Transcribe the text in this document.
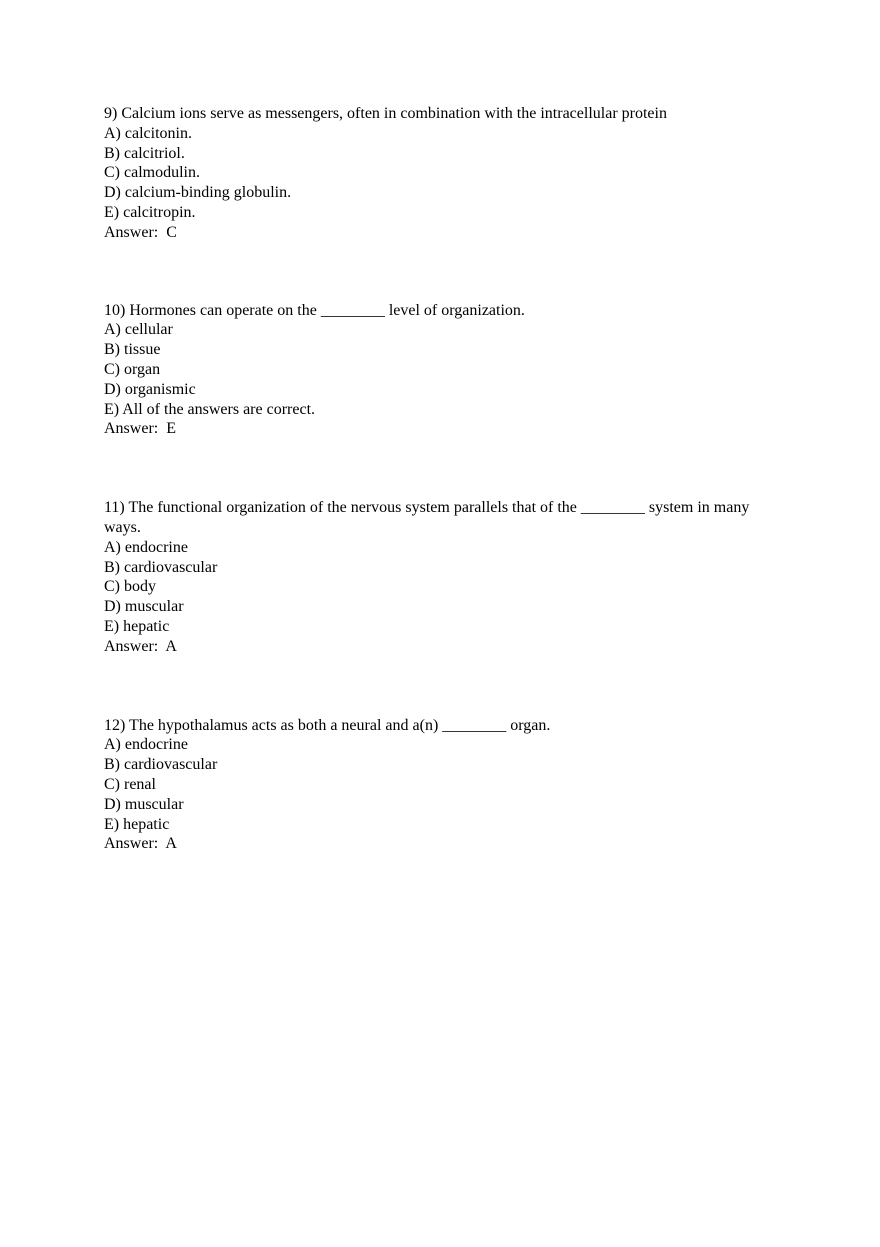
9) Calcium ions serve as messengers, often in combination with the intracellular protein
A) calcitonin.
B) calcitriol.
C) calmodulin.
D) calcium-binding globulin.
E) calcitropin.
Answer:  C
10) Hormones can operate on the ________ level of organization.
A) cellular
B) tissue
C) organ
D) organismic
E) All of the answers are correct.
Answer:  E
11) The functional organization of the nervous system parallels that of the ________ system in many ways.
A) endocrine
B) cardiovascular
C) body
D) muscular
E) hepatic
Answer:  A
12) The hypothalamus acts as both a neural and a(n) ________ organ.
A) endocrine
B) cardiovascular
C) renal
D) muscular
E) hepatic
Answer:  A
